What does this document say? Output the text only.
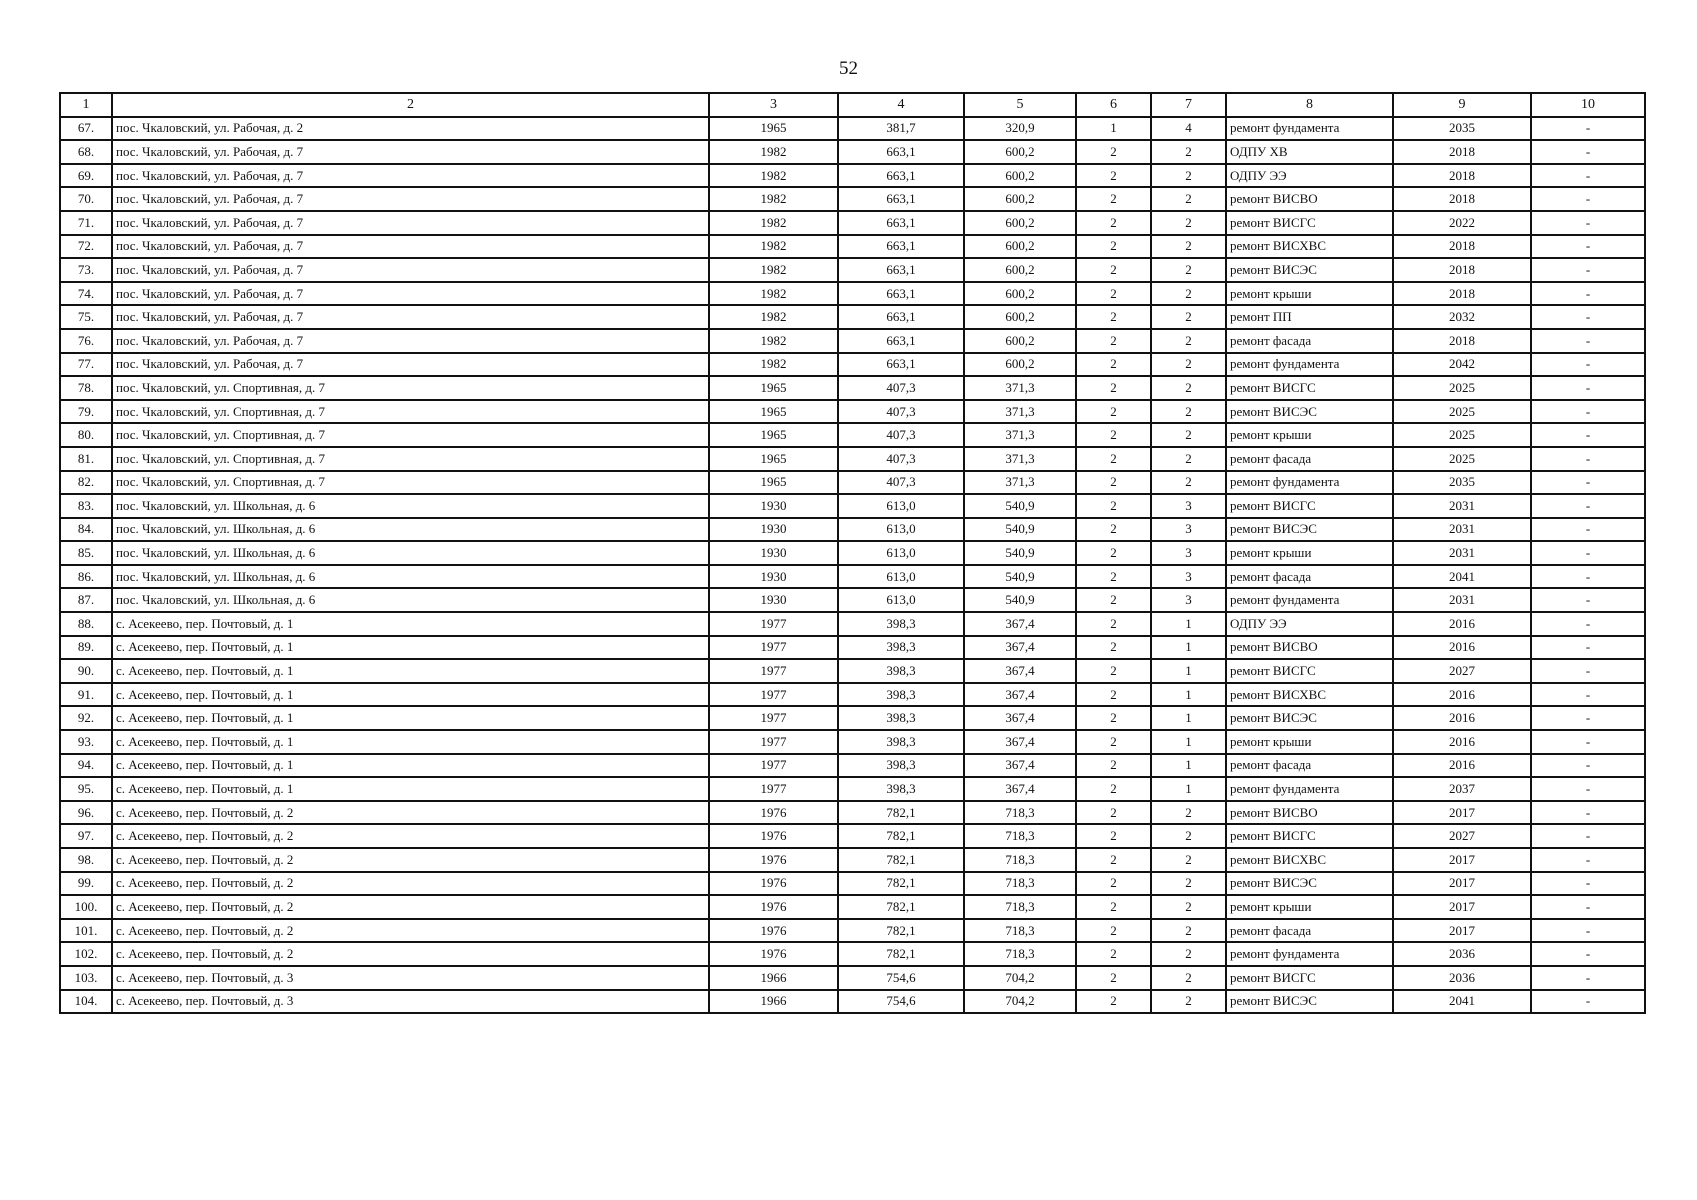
52
1	2	3	4	5	6	7	8	9	10
67.	пос. Чкаловский, ул. Рабочая, д. 2	1965	381,7	320,9	1	4	ремонт фундамента	2035	-
68.	пос. Чкаловский, ул. Рабочая, д. 7	1982	663,1	600,2	2	2	ОДПУ ХВ	2018	-
69.	пос. Чкаловский, ул. Рабочая, д. 7	1982	663,1	600,2	2	2	ОДПУ ЭЭ	2018	-
70.	пос. Чкаловский, ул. Рабочая, д. 7	1982	663,1	600,2	2	2	ремонт ВИСВО	2018	-
71.	пос. Чкаловский, ул. Рабочая, д. 7	1982	663,1	600,2	2	2	ремонт ВИСГС	2022	-
72.	пос. Чкаловский, ул. Рабочая, д. 7	1982	663,1	600,2	2	2	ремонт ВИСХВС	2018	-
73.	пос. Чкаловский, ул. Рабочая, д. 7	1982	663,1	600,2	2	2	ремонт ВИСЭС	2018	-
74.	пос. Чкаловский, ул. Рабочая, д. 7	1982	663,1	600,2	2	2	ремонт крыши	2018	-
75.	пос. Чкаловский, ул. Рабочая, д. 7	1982	663,1	600,2	2	2	ремонт ПП	2032	-
76.	пос. Чкаловский, ул. Рабочая, д. 7	1982	663,1	600,2	2	2	ремонт фасада	2018	-
77.	пос. Чкаловский, ул. Рабочая, д. 7	1982	663,1	600,2	2	2	ремонт фундамента	2042	-
78.	пос. Чкаловский, ул. Спортивная, д. 7	1965	407,3	371,3	2	2	ремонт ВИСГС	2025	-
79.	пос. Чкаловский, ул. Спортивная, д. 7	1965	407,3	371,3	2	2	ремонт ВИСЭС	2025	-
80.	пос. Чкаловский, ул. Спортивная, д. 7	1965	407,3	371,3	2	2	ремонт крыши	2025	-
81.	пос. Чкаловский, ул. Спортивная, д. 7	1965	407,3	371,3	2	2	ремонт фасада	2025	-
82.	пос. Чкаловский, ул. Спортивная, д. 7	1965	407,3	371,3	2	2	ремонт фундамента	2035	-
83.	пос. Чкаловский, ул. Школьная, д. 6	1930	613,0	540,9	2	3	ремонт ВИСГС	2031	-
84.	пос. Чкаловский, ул. Школьная, д. 6	1930	613,0	540,9	2	3	ремонт ВИСЭС	2031	-
85.	пос. Чкаловский, ул. Школьная, д. 6	1930	613,0	540,9	2	3	ремонт крыши	2031	-
86.	пос. Чкаловский, ул. Школьная, д. 6	1930	613,0	540,9	2	3	ремонт фасада	2041	-
87.	пос. Чкаловский, ул. Школьная, д. 6	1930	613,0	540,9	2	3	ремонт фундамента	2031	-
88.	с. Асекеево, пер. Почтовый, д. 1	1977	398,3	367,4	2	1	ОДПУ ЭЭ	2016	-
89.	с. Асекеево, пер. Почтовый, д. 1	1977	398,3	367,4	2	1	ремонт ВИСВО	2016	-
90.	с. Асекеево, пер. Почтовый, д. 1	1977	398,3	367,4	2	1	ремонт ВИСГС	2027	-
91.	с. Асекеево, пер. Почтовый, д. 1	1977	398,3	367,4	2	1	ремонт ВИСХВС	2016	-
92.	с. Асекеево, пер. Почтовый, д. 1	1977	398,3	367,4	2	1	ремонт ВИСЭС	2016	-
93.	с. Асекеево, пер. Почтовый, д. 1	1977	398,3	367,4	2	1	ремонт крыши	2016	-
94.	с. Асекеево, пер. Почтовый, д. 1	1977	398,3	367,4	2	1	ремонт фасада	2016	-
95.	с. Асекеево, пер. Почтовый, д. 1	1977	398,3	367,4	2	1	ремонт фундамента	2037	-
96.	с. Асекеево, пер. Почтовый, д. 2	1976	782,1	718,3	2	2	ремонт ВИСВО	2017	-
97.	с. Асекеево, пер. Почтовый, д. 2	1976	782,1	718,3	2	2	ремонт ВИСГС	2027	-
98.	с. Асекеево, пер. Почтовый, д. 2	1976	782,1	718,3	2	2	ремонт ВИСХВС	2017	-
99.	с. Асекеево, пер. Почтовый, д. 2	1976	782,1	718,3	2	2	ремонт ВИСЭС	2017	-
100.	с. Асекеево, пер. Почтовый, д. 2	1976	782,1	718,3	2	2	ремонт крыши	2017	-
101.	с. Асекеево, пер. Почтовый, д. 2	1976	782,1	718,3	2	2	ремонт фасада	2017	-
102.	с. Асекеево, пер. Почтовый, д. 2	1976	782,1	718,3	2	2	ремонт фундамента	2036	-
103.	с. Асекеево, пер. Почтовый, д. 3	1966	754,6	704,2	2	2	ремонт ВИСГС	2036	-
104.	с. Асекеево, пер. Почтовый, д. 3	1966	754,6	704,2	2	2	ремонт ВИСЭС	2041	-
